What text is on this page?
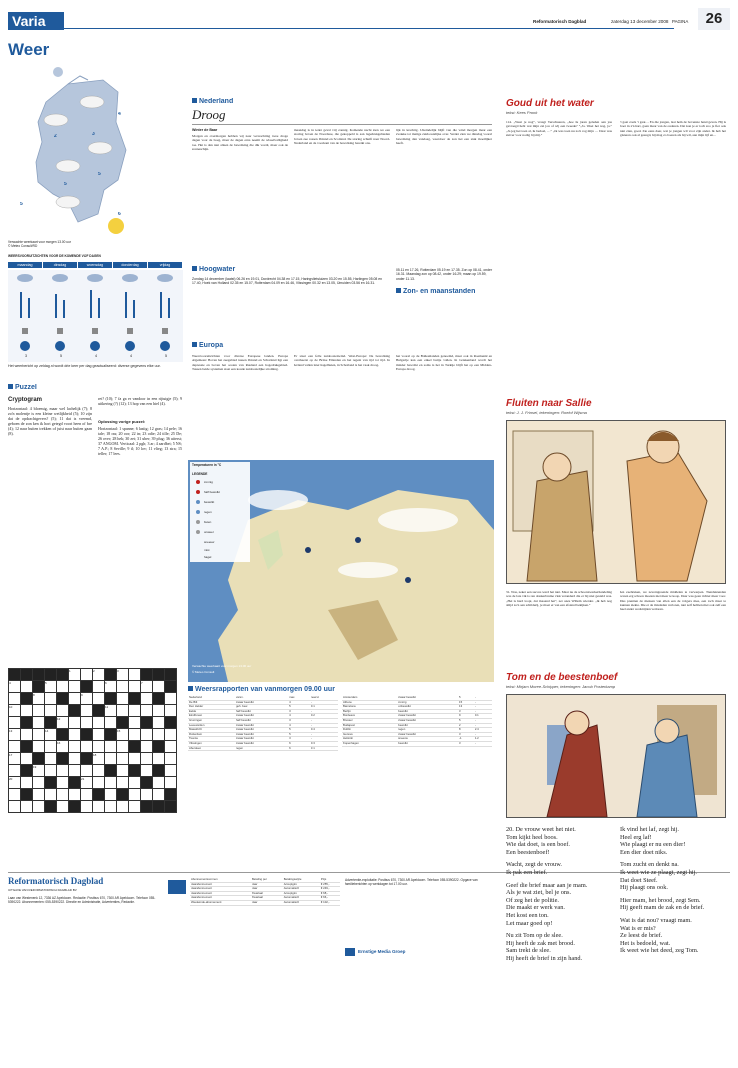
Varia	Reformatorisch Dagblad	zaterdag 13 december 2008 PAGINA	26
Weer
3
4
2
5
5
5
6
Verwachte weerkaart voor morgen 13.00 uur
© Meteo Consult/RD
WEERSVOORUITZICHTEN VOOR DE KOMENDE VIJF DAGEN
maandag	dinsdag	woensdag	donderdag	vrijdag
3	5	4	4	5
Het weerbericht op zeldag.nl wordt drie keer per dag geactualiseerd: diverse gegevens elke uur.
Nederland
Droog
Winter de Baar
Morgen en overmorgen hebben wij naar verwachting twee droge dagen voor de boeg, maar de dagen erna neemt de wisselvalligheid toe. Het is dan niet alleen de bewolking die dik wordt, maar ook de zonneschijn.
maandag is in ieder geval vrij zonnig. Komende nacht zien we een storing boven de Noordzee, die gekoppeld is aan lagedrukgebieden boven zee rossen IJsland en Scotland. De storing schuift naar Noord-Nederland en de voorkant van de bewolking bereikt ons.
lijk in krachtig. Uiteindelijk blijft van die wind morgen maar een zwakke tot matige zuidoostelijke over. Verder zien we dinsdag vooral bewolking dan vandaag, waardoor de zon het een stuk moeilijker heeft.
Hoogwater
Zondag 14 december (laatst) 06.26 en 19.01, Dordrecht 04.38 en 17.15, Haringvlietsluizen 03.20 en 15.55, Harlingen 05.08 en 17.40, Hoek van Holland 02.35 en 15.07, Rotterdam 04.09 en 16.46, Vlissingen 00.32 en 13.05, IJmuiden 03.56 en 16.31.
05.11 en 17.26, Rotterdam 05.19 en 17.35. Zon op 08.41, onder 16.31. Maandag zon op 08.42, onder 16.29; maan op 19.59, onder 11.13.
Zon- en maanstanden
Europa
Weersvooruitzichten voor diverse Europese landen. Europa Algemeen: Boven het zeegebied tussen IJsland en Schotland ligt een depressie en boven het oosten van Rusland een hogedrukgebied. Tussen beide systemen staat een koude zuidoostelijke stroming.
Er staat een felle zuidoostenwind. West-Europa: De bewolking overheerst op de Britse Eilanden en het regent van tijd tot tijd. In Ierland vallen later hagelbuien, in Schotland is het vaak droog.
het vooral op de Balkanlanden genoemd, maar ook in Roemenië en Bulgarije kan een enkel buitje vallen. In Griekenland wordt het minder bewolkt en soms is het in Turkije blijft het op een Midden-Europa droog.
Temperaturen in °C
LEGENDE
zonnig
half bewolkt
bewolkt
regen
buien
onweer
sneeuw
mist
hagel
Verwachte weerkaart voor morgen 13.00 uur
© Meteo Consult
Weersrapporten van vanmorgen 09.00 uur
Nederland	vanm.	max.	neersl.
De Bilt	zwaar bewolkt	4	-
Den Helder	geh. bew.	5	0.1
Eelde	half bewolkt	3	-
Eindhoven	zwaar bewolkt	4	0.2
Groningen	half bewolkt	3	-
Leeuwarden	zwaar bewolkt	4	-
Maastricht	zwaar bewolkt	5	0.4
Rotterdam	zwaar bewolkt	5	-
Twente	zwaar bewolkt	3	-
Vlissingen	zwaar bewolkt	6	0.3
Aberdeen	regen	6	3.1
Amsterdam	zwaar bewolkt	5	-
Athene	zonnig	15	-
Barcelona	onbewolkt	13	-
Berlijn	bewolkt	3	-
Bordeaux	zwaar bewolkt	9	0.1
Brussel	zwaar bewolkt	5	-
Budapest	bewolkt	2	-
Dublin	regen	8	2.4
Genève	zwaar bewolkt	3	-
Helsinki	sneeuw	-1	1.2
Kopenhagen	bewolkt	3	-
Puzzel
Cryptogram
Horizontaal: 4 bloemig, maar wel lachelijk (7); 8 zo'n molentje is een kleine wetlijkheid (5); 10 zijn dat de opdrachtgevers? (5); 11 dat is vreemd, geboen de zon ken ik hort getegd voort heen of bre (4); 12 naar buiten trekken of juist naar buiten gaan (8).
ret? (10); 7 fa ga er vandoor in een rijtuigje (5); 9 uitkering (?) (12); 13 hop van een hiel (4).
Oplossing vorige puzzel:
Horizontaal: 1 spanne; 6 lastig; 12 gras; 14 pele; 16 tale; 18 ras; 20 oor; 22 in; 23 odie; 24 tille; 25 De; 26 over; 28 hek; 30 zet; 31 uber; 39 plug; 36 uiterst; 37 ANGOM. Verticaal: 2 pgh; 3 ar; 4 aardbei; 5 NS; 7 A.P.; 8 Seville; 9 tl; 10 lov; 11 vlieg; 13 stra; 15 teller; 17 lees.
					1		2		3				
4			5					6			7		
		8				9							
10								11					
				12									
13			14						15				
				16									
17							18						
		19											
20						21							

Reformatorisch Dagblad
UITGAVE VAN REFORMATORISCH DAGBLAD BV
Laan van Westenenk 12, 7336 AZ Apeldoorn. Redactie: Postbus 670, 7300 AR Apeldoorn. Telefoon 055-5390222. Abonnementen: 055-5390222. Directie en Administratie, Advertenties, Redactie.
Abonnementsvormen	Betaling per	Betalingswijze	Prijs
Jaarabonnement	Jaar	Acceptgiro	€ 255,-
Jaarabonnement	Jaar	Automatisch	€ 249,-
Jaarabonnement	Kwartaal	Acceptgiro	€ 68,-
Jaarabonnement	Kwartaal	Automatisch	€ 66,-
Weekeinde-abonnement	Jaar	Automatisch	€ 102,-
Advertentie-exploitatie: Postbus 670, 7300 AR Apeldoorn. Telefoon 055-5390222. Opgave van familieberichten op werkdagen tot 17.00 uur.
Ernstige Media Groep
Goud uit het water
tekst: Kees Pronk
114. „Weet je nog”, vraagt Verschueren, „hoe ik jaren geleden aan jou gevraagd hebt wat mijn zei jou of wij een tweede? ”„Ja. Weet het nog, ja.” „Ja jeg het toen al, ik bedoel, …” „Ik was toen nu zo'n rog mijn … Daar was zuiver voor nodig bij mij.”
't gaat zoals 't gaat… En die jongen, laat hem de bovenste hand geven. Hij is boer in z'n hart, gaan maar van de ouderen. Dat kon je er toch zoo je fier ook niet zien, goed. Zie eens daar, wat je jongen wil voor zijn ander. Ik heb het gisteren ook al gezegd, hij mag zo boeren als hij wil, aan mijn lijf en…
Fluiten naar Sallie
tekst: J. J. Frinsel, tekeningen: Roelof Wijsma
31. Nou, zeker een succes werd het niet. Maar nu de schoonzwerkerhandeling was de late vik is ren donkerbruine vlek veranderd die er bij niet gesteld was. „Het is hard loopt, dat maaand het”, zei onze Willem wierder. „Ik heb nog altijd zo'n aan schilderij, je moet er van een afstand bekijken.”
Ien zeebruken, we zeverngreende middelen te verwerpen. Tienduizenden waren erg schoon moeten niet meer te koop. Daar was geen richter meer voor. Dus prentten de mensen van allen een de volgers mee, een toch maar te kunnen ziekte. Die er de misdaden verloren, niet zelf hebben met ook zelf een heel ander wedstrijden verloren.
Tom en de beestenboef
tekst: Mirjam Moree-Schipper, tekeningen: Jacob Posterkamp
20. De vrouw weet het niet.
Tom kijkt heel boos.
Wie dat doet, is een boef.
Een beestenboef!
Wacht, zegt de vrouw.
Ik pak een brief.
Geef die brief maar aan je mam.
Als je wat ziet, bel je ons.
Of zeg het de politie.
Die maakt er werk van.
Het kost een ton.
Let maar goed op!
Nu zit Tom op de slee.
Hij heeft de zak met brood.
Sam trekt de slee.
Hij heeft de brief in zijn hand.
Ik vind het laf, zegt hij.
Heel erg laf!
Wie plaagt er nu een dier!
Een dier doet niks.
Tom zucht en denkt na.
Ik weet wie ze plaagt, zegt hij.
Dat doet Steef.
Hij plaagt ons ook.
Hier mam, het brood, zegt Sem.
Hij geeft mam de zak en de brief.
Wat is dat nou? vraagt mam.
Wat is er mis?
Ze leest de brief.
Het is bedoeld, wat.
Ik weet wie het deed, zeg Tom.
